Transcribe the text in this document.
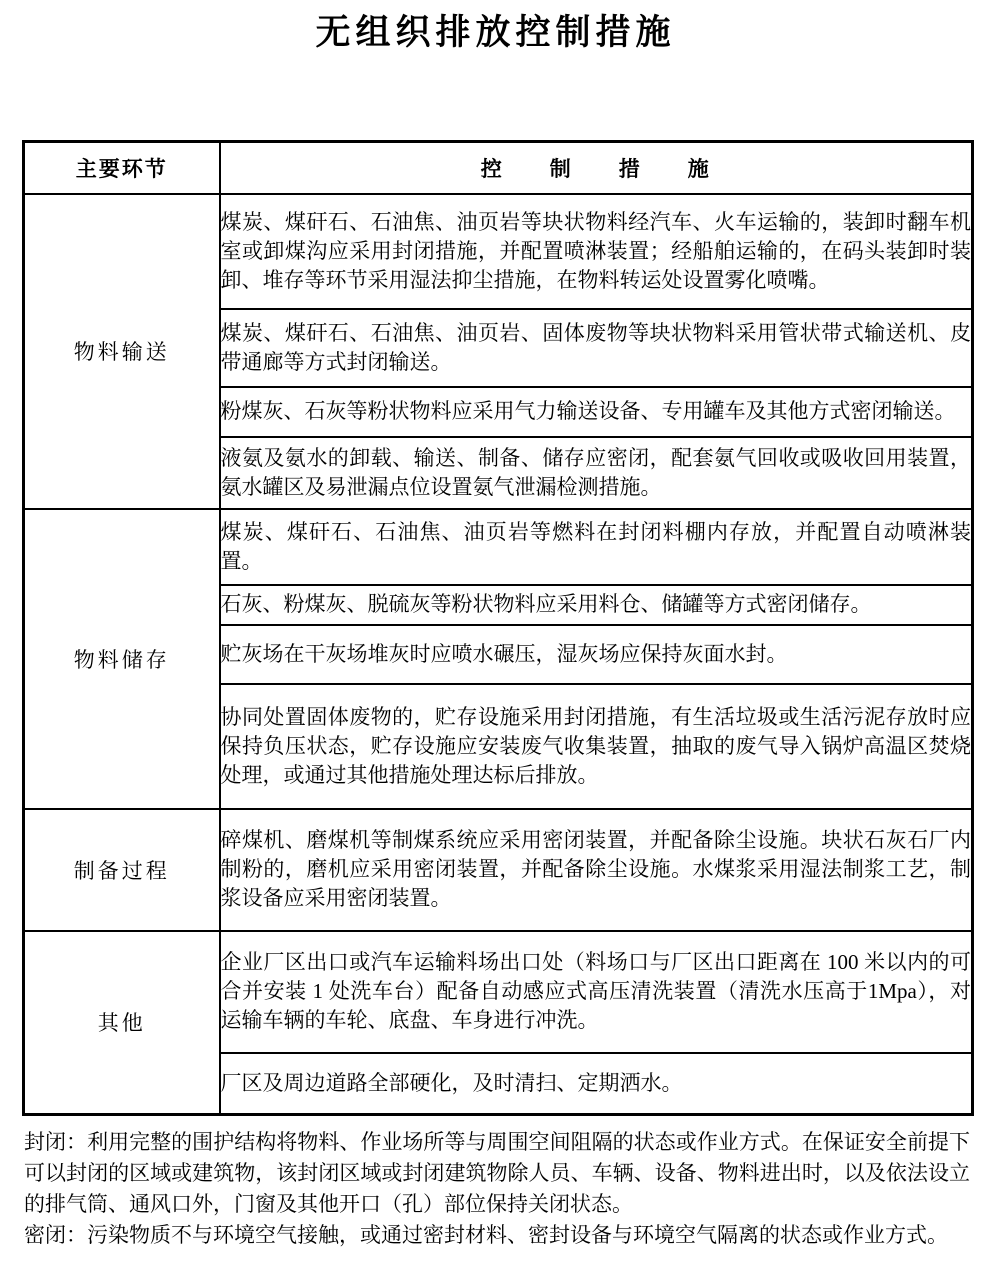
无组织排放控制措施
主要环节	控　　制　　措　　施
物料输送	煤炭、煤矸石、石油焦、油页岩等块状物料经汽车、火车运输的，装卸时翻车机室或卸煤沟应采用封闭措施，并配置喷淋装置；经船舶运输的，在码头装卸时装卸、堆存等环节采用湿法抑尘措施，在物料转运处设置雾化喷嘴。
	煤炭、煤矸石、石油焦、油页岩、固体废物等块状物料采用管状带式输送机、皮带通廊等方式封闭输送。
	粉煤灰、石灰等粉状物料应采用气力输送设备、专用罐车及其他方式密闭输送。
	液氨及氨水的卸载、输送、制备、储存应密闭，配套氨气回收或吸收回用装置，氨水罐区及易泄漏点位设置氨气泄漏检测措施。
物料储存	煤炭、煤矸石、石油焦、油页岩等燃料在封闭料棚内存放，并配置自动喷淋装置。
	石灰、粉煤灰、脱硫灰等粉状物料应采用料仓、储罐等方式密闭储存。
	贮灰场在干灰场堆灰时应喷水碾压，湿灰场应保持灰面水封。
	协同处置固体废物的，贮存设施采用封闭措施，有生活垃圾或生活污泥存放时应保持负压状态，贮存设施应安装废气收集装置，抽取的废气导入锅炉高温区焚烧处理，或通过其他措施处理达标后排放。
制备过程	碎煤机、磨煤机等制煤系统应采用密闭装置，并配备除尘设施。块状石灰石厂内制粉的，磨机应采用密闭装置，并配备除尘设施。水煤浆采用湿法制浆工艺，制浆设备应采用密闭装置。
其他	企业厂区出口或汽车运输料场出口处（料场口与厂区出口距离在 100 米以内的可合并安装 1 处洗车台）配备自动感应式高压清洗装置（清洗水压高于1Mpa），对运输车辆的车轮、底盘、车身进行冲洗。
	厂区及周边道路全部硬化，及时清扫、定期洒水。

封闭：利用完整的围护结构将物料、作业场所等与周围空间阻隔的状态或作业方式。在保证安全前提下可以封闭的区域或建筑物，该封闭区域或封闭建筑物除人员、车辆、设备、物料进出时，以及依法设立的排气筒、通风口外，门窗及其他开口（孔）部位保持关闭状态。

密闭：污染物质不与环境空气接触，或通过密封材料、密封设备与环境空气隔离的状态或作业方式。
